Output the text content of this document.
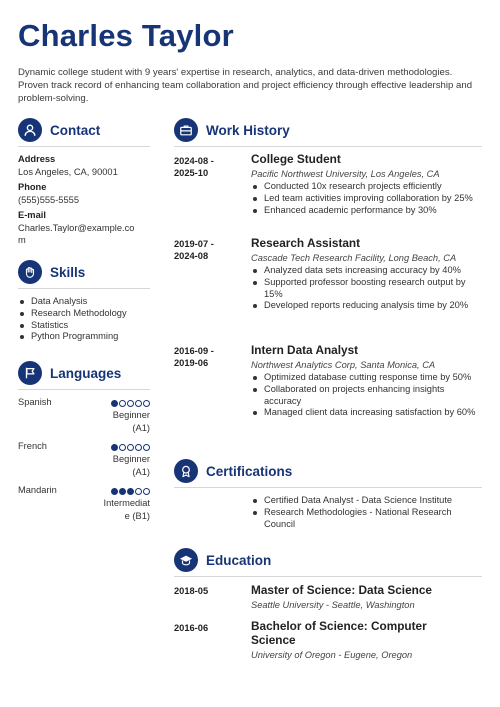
Charles Taylor
Dynamic college student with 9 years' expertise in research, analytics, and data-driven methodologies. Proven track record of enhancing team collaboration and project efficiency through effective leadership and problem-solving.
Contact
Address
Los Angeles, CA, 90001
Phone
(555)555-5555
E-mail
Charles.Taylor@example.co
m
Skills
Data Analysis
Research Methodology
Statistics
Python Programming
Languages
Spanish
Beginner
(A1)
French
Beginner
(A1)
Mandarin
Intermediat
e (B1)
Work History
2024-08 -
2025-10
College Student
Pacific Northwest University, Los Angeles, CA
Conducted 10x research projects efficiently
Led team activities improving collaboration by 25%
Enhanced academic performance by 30%
2019-07 -
2024-08
Research Assistant
Cascade Tech Research Facility, Long Beach, CA
Analyzed data sets increasing accuracy by 40%
Supported professor boosting research output by 15%
Developed reports reducing analysis time by 20%
2016-09 -
2019-06
Intern Data Analyst
Northwest Analytics Corp, Santa Monica, CA
Optimized database cutting response time by 50%
Collaborated on projects enhancing insights accuracy
Managed client data increasing satisfaction by 60%
Certifications
Certified Data Analyst - Data Science Institute
Research Methodologies - National Research Council
Education
2018-05	Master of Science: Data Science
Seattle University - Seattle, Washington
2016-06	Bachelor of Science: Computer
Science
University of Oregon - Eugene, Oregon
